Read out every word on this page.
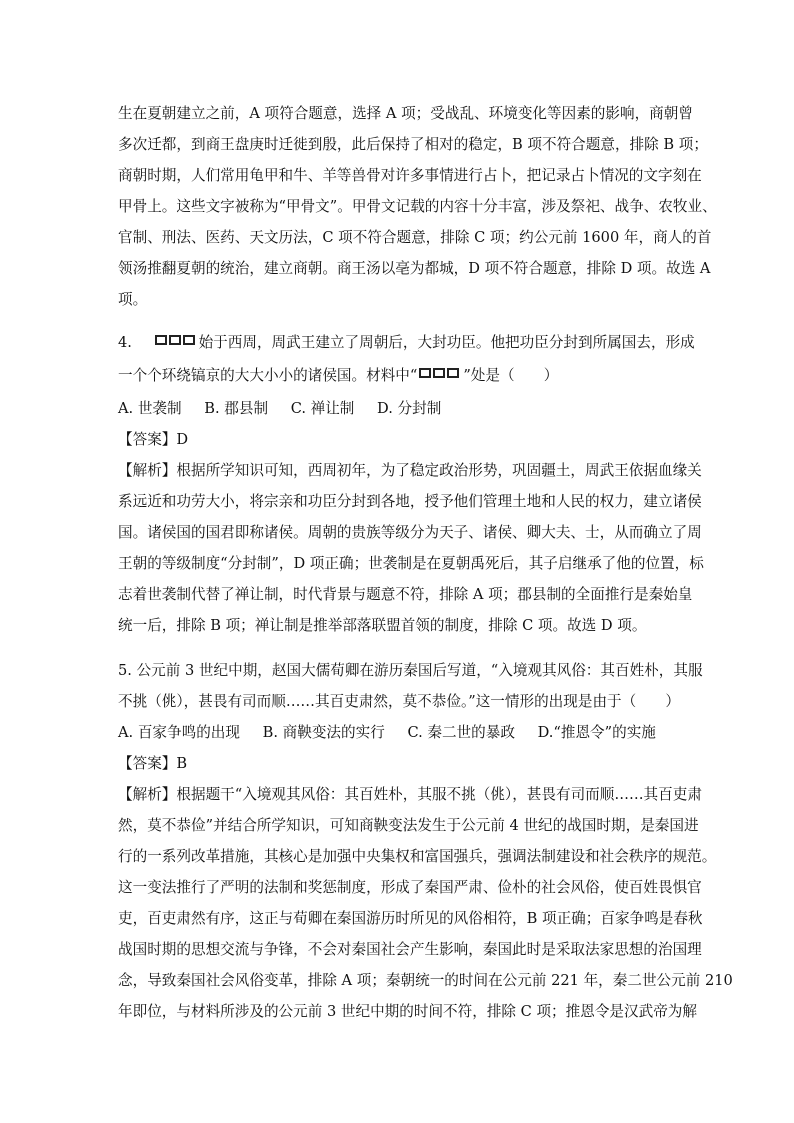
生在夏朝建立之前，A 项符合题意，选择 A 项；受战乱、环境变化等因素的影响，商朝曾
多次迁都，到商王盘庚时迁徙到殷，此后保持了相对的稳定，B 项不符合题意，排除 B 项；
商朝时期，人们常用龟甲和牛、羊等兽骨对许多事情进行占卜，把记录占卜情况的文字刻在
甲骨上。这些文字被称为“甲骨文”。甲骨文记载的内容十分丰富，涉及祭祀、战争、农牧业、
官制、刑法、医药、天文历法，C 项不符合题意，排除 C 项；约公元前 1600 年，商人的首
领汤推翻夏朝的统治，建立商朝。商王汤以亳为都城，D 项不符合题意，排除 D 项。故选 A
项。
4.	始于西周，周武王建立了周朝后，大封功臣。他把功臣分封到所属国去，形成
一个个环绕镐京的大大小小的诸侯国。材料中“	”处是（　　）
A. 世袭制 B. 郡县制 C. 禅让制 D. 分封制
【答案】D
【解析】根据所学知识可知，西周初年，为了稳定政治形势，巩固疆土，周武王依据血缘关
系远近和功劳大小，将宗亲和功臣分封到各地，授予他们管理土地和人民的权力，建立诸侯
国。诸侯国的国君即称诸侯。周朝的贵族等级分为天子、诸侯、卿大夫、士，从而确立了周
王朝的等级制度“分封制”，D 项正确；世袭制是在夏朝禹死后，其子启继承了他的位置，标
志着世袭制代替了禅让制，时代背景与题意不符，排除 A 项；郡县制的全面推行是秦始皇
统一后，排除 B 项；禅让制是推举部落联盟首领的制度，排除 C 项。故选 D 项。
5. 公元前 3 世纪中期，赵国大儒荀卿在游历秦国后写道，“入境观其风俗：其百姓朴，其服
不挑（佻），甚畏有司而顺……其百吏肃然，莫不恭俭。”这一情形的出现是由于（　　）
A. 百家争鸣的出现 B. 商鞅变法的实行 C. 秦二世的暴政 D.“推恩令”的实施
【答案】B
【解析】根据题干“入境观其风俗：其百姓朴，其服不挑（佻），甚畏有司而顺……其百吏肃
然，莫不恭俭”并结合所学知识，可知商鞅变法发生于公元前 4 世纪的战国时期，是秦国进
行的一系列改革措施，其核心是加强中央集权和富国强兵，强调法制建设和社会秩序的规范。
这一变法推行了严明的法制和奖惩制度，形成了秦国严肃、俭朴的社会风俗，使百姓畏惧官
吏，百吏肃然有序，这正与荀卿在秦国游历时所见的风俗相符，B 项正确；百家争鸣是春秋
战国时期的思想交流与争锋，不会对秦国社会产生影响，秦国此时是采取法家思想的治国理
念，导致秦国社会风俗变革，排除 A 项；秦朝统一的时间在公元前 221 年，秦二世公元前 210
年即位，与材料所涉及的公元前 3 世纪中期的时间不符，排除 C 项；推恩令是汉武帝为解
